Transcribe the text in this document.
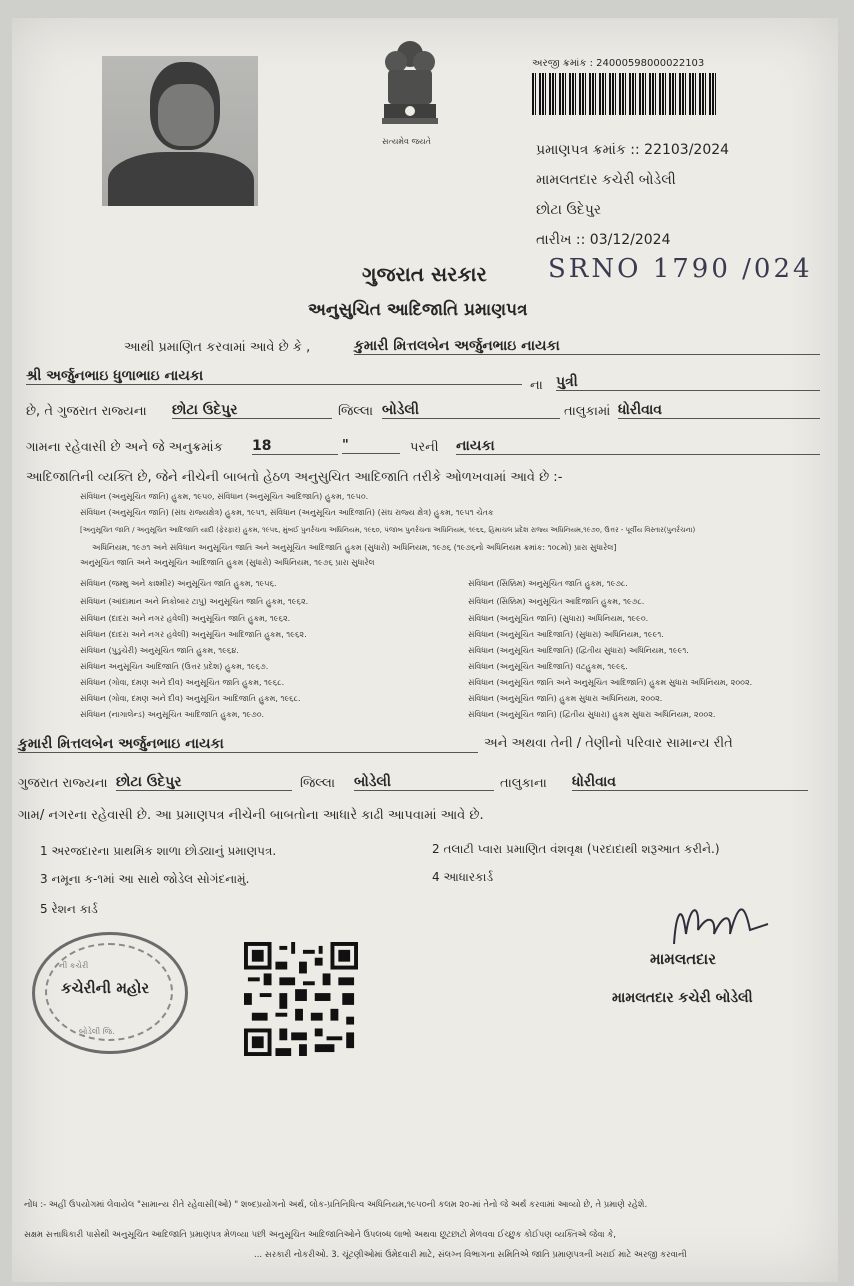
સત્યમેવ જયતે
અરજી ક્રમાંક : 24000598000022103
પ્રમાણપત્ર ક્રમાંક :: 22103/2024
મામલતદાર કચેરી બોડેલી
છોટા ઉદેપુર
તારીખ :: 03/12/2024
ગુજરાત સરકાર SRNO 1790 /024
અનુસુચિત આદિજાતિ પ્રમાણપત્ર
આથી પ્રમાણિત કરવામાં આવે છે કે ,	કુમારી મિત્તલબેન અર્જુનભાઇ નાયકા
શ્રી અર્જુનભાઇ ધુળાભાઇ નાયકા
ના પુત્રી
છે, તે ગુજરાત રાજ્યના છોટા ઉદેપુર	જિલ્લા બોડેલી	તાલુકામાં ધોરીવાવ
ગામના રહેવાસી છે અને જે અનુક્રમાંક 18	"	પરની નાયકા
આદિજાતિની વ્યક્તિ છે, જેને નીચેની બાબતો હેઠળ અનુસુચિત આદિજાતિ તરીકે ઓળખવામાં આવે છે :-
સંવિધાન (અનુસૂચિત જાતિ) હુકમ, ૧૯૫૦, સંવિધાન (અનુસૂચિત આદિજાતિ) હુકમ, ૧૯૫૦.
સંવિધાન (અનુસૂચિત જાતિ) (સંઘ રાજ્યક્ષેત્ર) હુકમ, ૧૯૫૧, સંવિધાન (અનુસૂચિત આદિજાતિ) (સંઘ રાજ્ય ક્ષેત્ર) હુકમ, ૧૯૫૧ ચેતક
[અનુસૂચિત જાતિ / અનુસૂચિત આદિજાતિ યાદી (ફેરફાર) હુકમ, ૧૯૫૬, મુંબઈ પુનર્રચના અધિનિયમ, ૧૯૬૦, પંજાબ પુનર્રચના અધિનિયમ, ૧૯૬૬, હિમાચલ પ્રદેશ રાજ્ય અધિનિયમ,૧૯૭૦, ઉત્તર - પૂર્વીય વિસ્તાર(પુનર્રચના)
અધિનિયમ, ૧૯૭૧ અને સંવિધાન અનુસૂચિત જાતિ અને અનુસૂચિત આદિજાતિ હુકમ (સુધારો) અધિનિયમ, ૧૯૭૬ (૧૯૭૬નો અધિનિયમ ક્રમાંક: ૧૦૮મો) પ્રારા સુધારેલ]
અનુસૂચિત જાતિ અને અનુસૂચિત આદિજાતિ હુકમ (સુધારો) અધિનિયમ, ૧૯૭૬ પ્રારા સુધારેલ
સંવિધાન (જમ્મુ અને કાશ્મીર) અનુસૂચિત જાતિ હુકમ, ૧૯૫૬.
સંવિધાન (આંદામાન અને નિકોબાર ટાપુ) અનુસૂચિત જાતિ હુકમ, ૧૯૬૨.
સંવિધાન (દાદરા અને નગર હવેલી) અનુસૂચિત જાતિ હુકમ, ૧૯૬૨.
સંવિધાન (દાદરા અને નગર હવેલી) અનુસૂચિત આદિજાતિ હુકમ, ૧૯૬૨.
સંવિધાન (પુડુચેરી) અનુસૂચિત જાતિ હુકમ, ૧૯૬૪.
સંવિધાન અનુસૂચિત આદિજાતિ (ઉત્તર પ્રદેશ) હુકમ, ૧૯૬૭.
સંવિધાન (ગોવા, દમણ અને દીવ) અનુસૂચિત જાતિ હુકમ, ૧૯૬૮.
સંવિધાન (ગોવા, દમણ અને દીવ) અનુસૂચિત આદિજાતિ હુકમ, ૧૯૬૮.
સંવિધાન (નાગાલેન્ડ) અનુસૂચિત આદિજાતિ હુકમ, ૧૯૭૦.
સંવિધાન (સિક્કિમ) અનુસૂચિત જાતિ હુકમ, ૧૯૭૮.
સંવિધાન (સિક્કિમ) અનુસૂચિત આદિજાતિ હુકમ, ૧૯૭૮.
સંવિધાન (અનુસૂચિત જાતિ) (સુધારા) અધિનિયમ, ૧૯૯૦.
સંવિધાન (અનુસૂચિત આદિજાતિ) (સુધારા) અધિનિયમ, ૧૯૯૧.
સંવિધાન (અનુસૂચિત આદિજાતિ) (દ્વિતીય સુધારા) અધિનિયમ, ૧૯૯૧.
સંવિધાન (અનુસૂચિત આદિજાતિ) વટહુકમ, ૧૯૯૬.
સંવિધાન (અનુસૂચિત જાતિ અને અનુસૂચિત આદિજાતિ) હુકમ સુધારા અધિનિયમ, ૨૦૦૨.
સંવિધાન (અનુસૂચિત જાતિ) હુકમ સુધારા અધિનિયમ, ૨૦૦૨.
સંવિધાન (અનુસૂચિત જાતિ) (દ્વિતીય સુધારા) હુકમ સુધારા અધિનિયમ, ૨૦૦૨.
કુમારી મિત્તલબેન અર્જુનભાઇ નાયકા	અને અથવા તેની / તેણીનો પરિવાર સામાન્ય રીતે
ગુજરાત રાજ્યના છોટા ઉદેપુર	જિલ્લા બોડેલી	તાલુકાના ધોરીવાવ
ગામ/ નગરના રહેવાસી છે. આ પ્રમાણપત્ર નીચેની બાબતોના આધારે કાઢી આપવામાં આવે છે.
1 અરજદારના પ્રાથમિક શાળા છોડ્યાનું પ્રમાણપત્ર.	2 તલાટી પ્વારા પ્રમાણિત વંશવૃક્ષ (પરદાદાથી શરૂઆત કરીને.)
3 નમૂના ક-૧માં આ સાથે જોડેલ સોગંદનામું.	4 આધારકાર્ડ
5 રેશન કાર્ડ
કચેરીની મહોર
ની કચેરી
બોડેલી જિ.
મામલતદાર
મામલતદાર કચેરી બોડેલી
નોંધ :- અહીં ઉપયોગમાં લેવાયેલ "સામાન્ય રીતે રહેવાસી(ઓ) " શબ્દપ્રયોગનો અર્થ, લોક-પ્રતિનિધિત્વ અધિનિયમ,૧૯૫૦ની કલમ ૨૦-માં તેનો જે અર્થ કરવામાં આવ્યો છે, તે પ્રમાણે રહેશે.
સક્ષમ સત્તાધિકારી પાસેથી અનુસૂચિત આદિજાતિ પ્રમાણપત્ર મેળવ્યા પછી અનુસૂચિત આદિજાતિઓને ઉપલબ્ધ લાભો અથવા છૂટછાટો મેળવવા ઈચ્છુક કોઈપણ વ્યક્તિએ જેવા કે,
... સરકારી નોકરીઓ. 3. ચૂંટણીઓમાં ઉમેદવારી માટે, સંલગ્ન વિભાગના સમિતિએ જાતિ પ્રમાણપત્રની ખરાઈ માટે અરજી કરવાની
